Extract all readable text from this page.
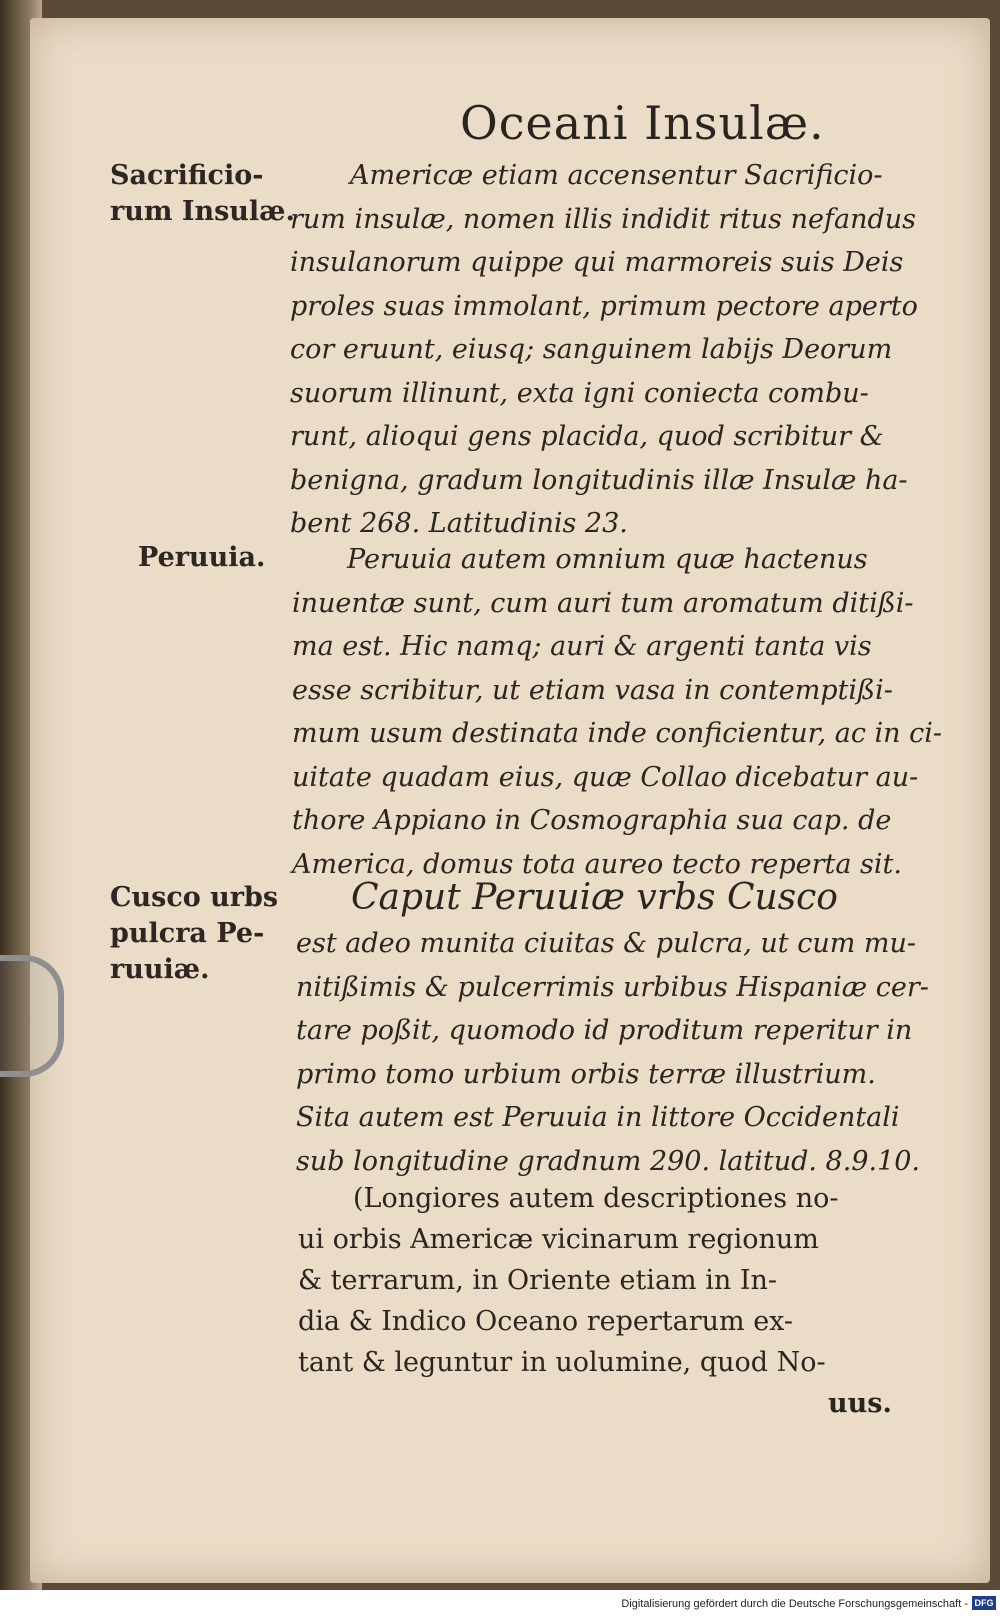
Oceani Insulæ.
Sacrificio-
rum Insulæ.
Peruuia.
Cusco urbs
pulcra Pe-
ruuiæ.
Americæ etiam accensentur Sacrificio-
rum insulæ, nomen illis indidit ritus nefandus
insulanorum quippe qui marmoreis suis Deis
proles suas immolant, primum pectore aperto
cor eruunt, eiusq; sanguinem labijs Deorum
suorum illinunt, exta igni coniecta combu-
runt, alioqui gens placida, quod scribitur &
benigna, gradum longitudinis illæ Insulæ ha-
bent 268. Latitudinis 23.
Peruuia autem omnium quæ hactenus
inuentæ sunt, cum auri tum aromatum ditißi-
ma est. Hic namq; auri & argenti tanta vis
esse scribitur, ut etiam vasa in contemptißi-
mum usum destinata inde conficientur, ac in ci-
uitate quadam eius, quæ Collao dicebatur au-
thore Appiano in Cosmographia sua cap. de
America, domus tota aureo tecto reperta sit.
Caput Peruuiæ vrbs Cusco
est adeo munita ciuitas & pulcra, ut cum mu-
nitißimis & pulcerrimis urbibus Hispaniæ cer-
tare poßit, quomodo id proditum reperitur in
primo tomo urbium orbis terræ illustrium.
Sita autem est Peruuia in littore Occidentali
sub longitudine gradnum 290. latitud. 8.9.10.
(Longiores autem descriptiones no-
ui orbis Americæ vicinarum regionum
& terrarum, in Oriente etiam in In-
dia & Indico Oceano repertarum ex-
tant & leguntur in uolumine, quod No-
uus.
Digitalisierung gefördert durch die Deutsche Forschungsgemeinschaft - DFG
